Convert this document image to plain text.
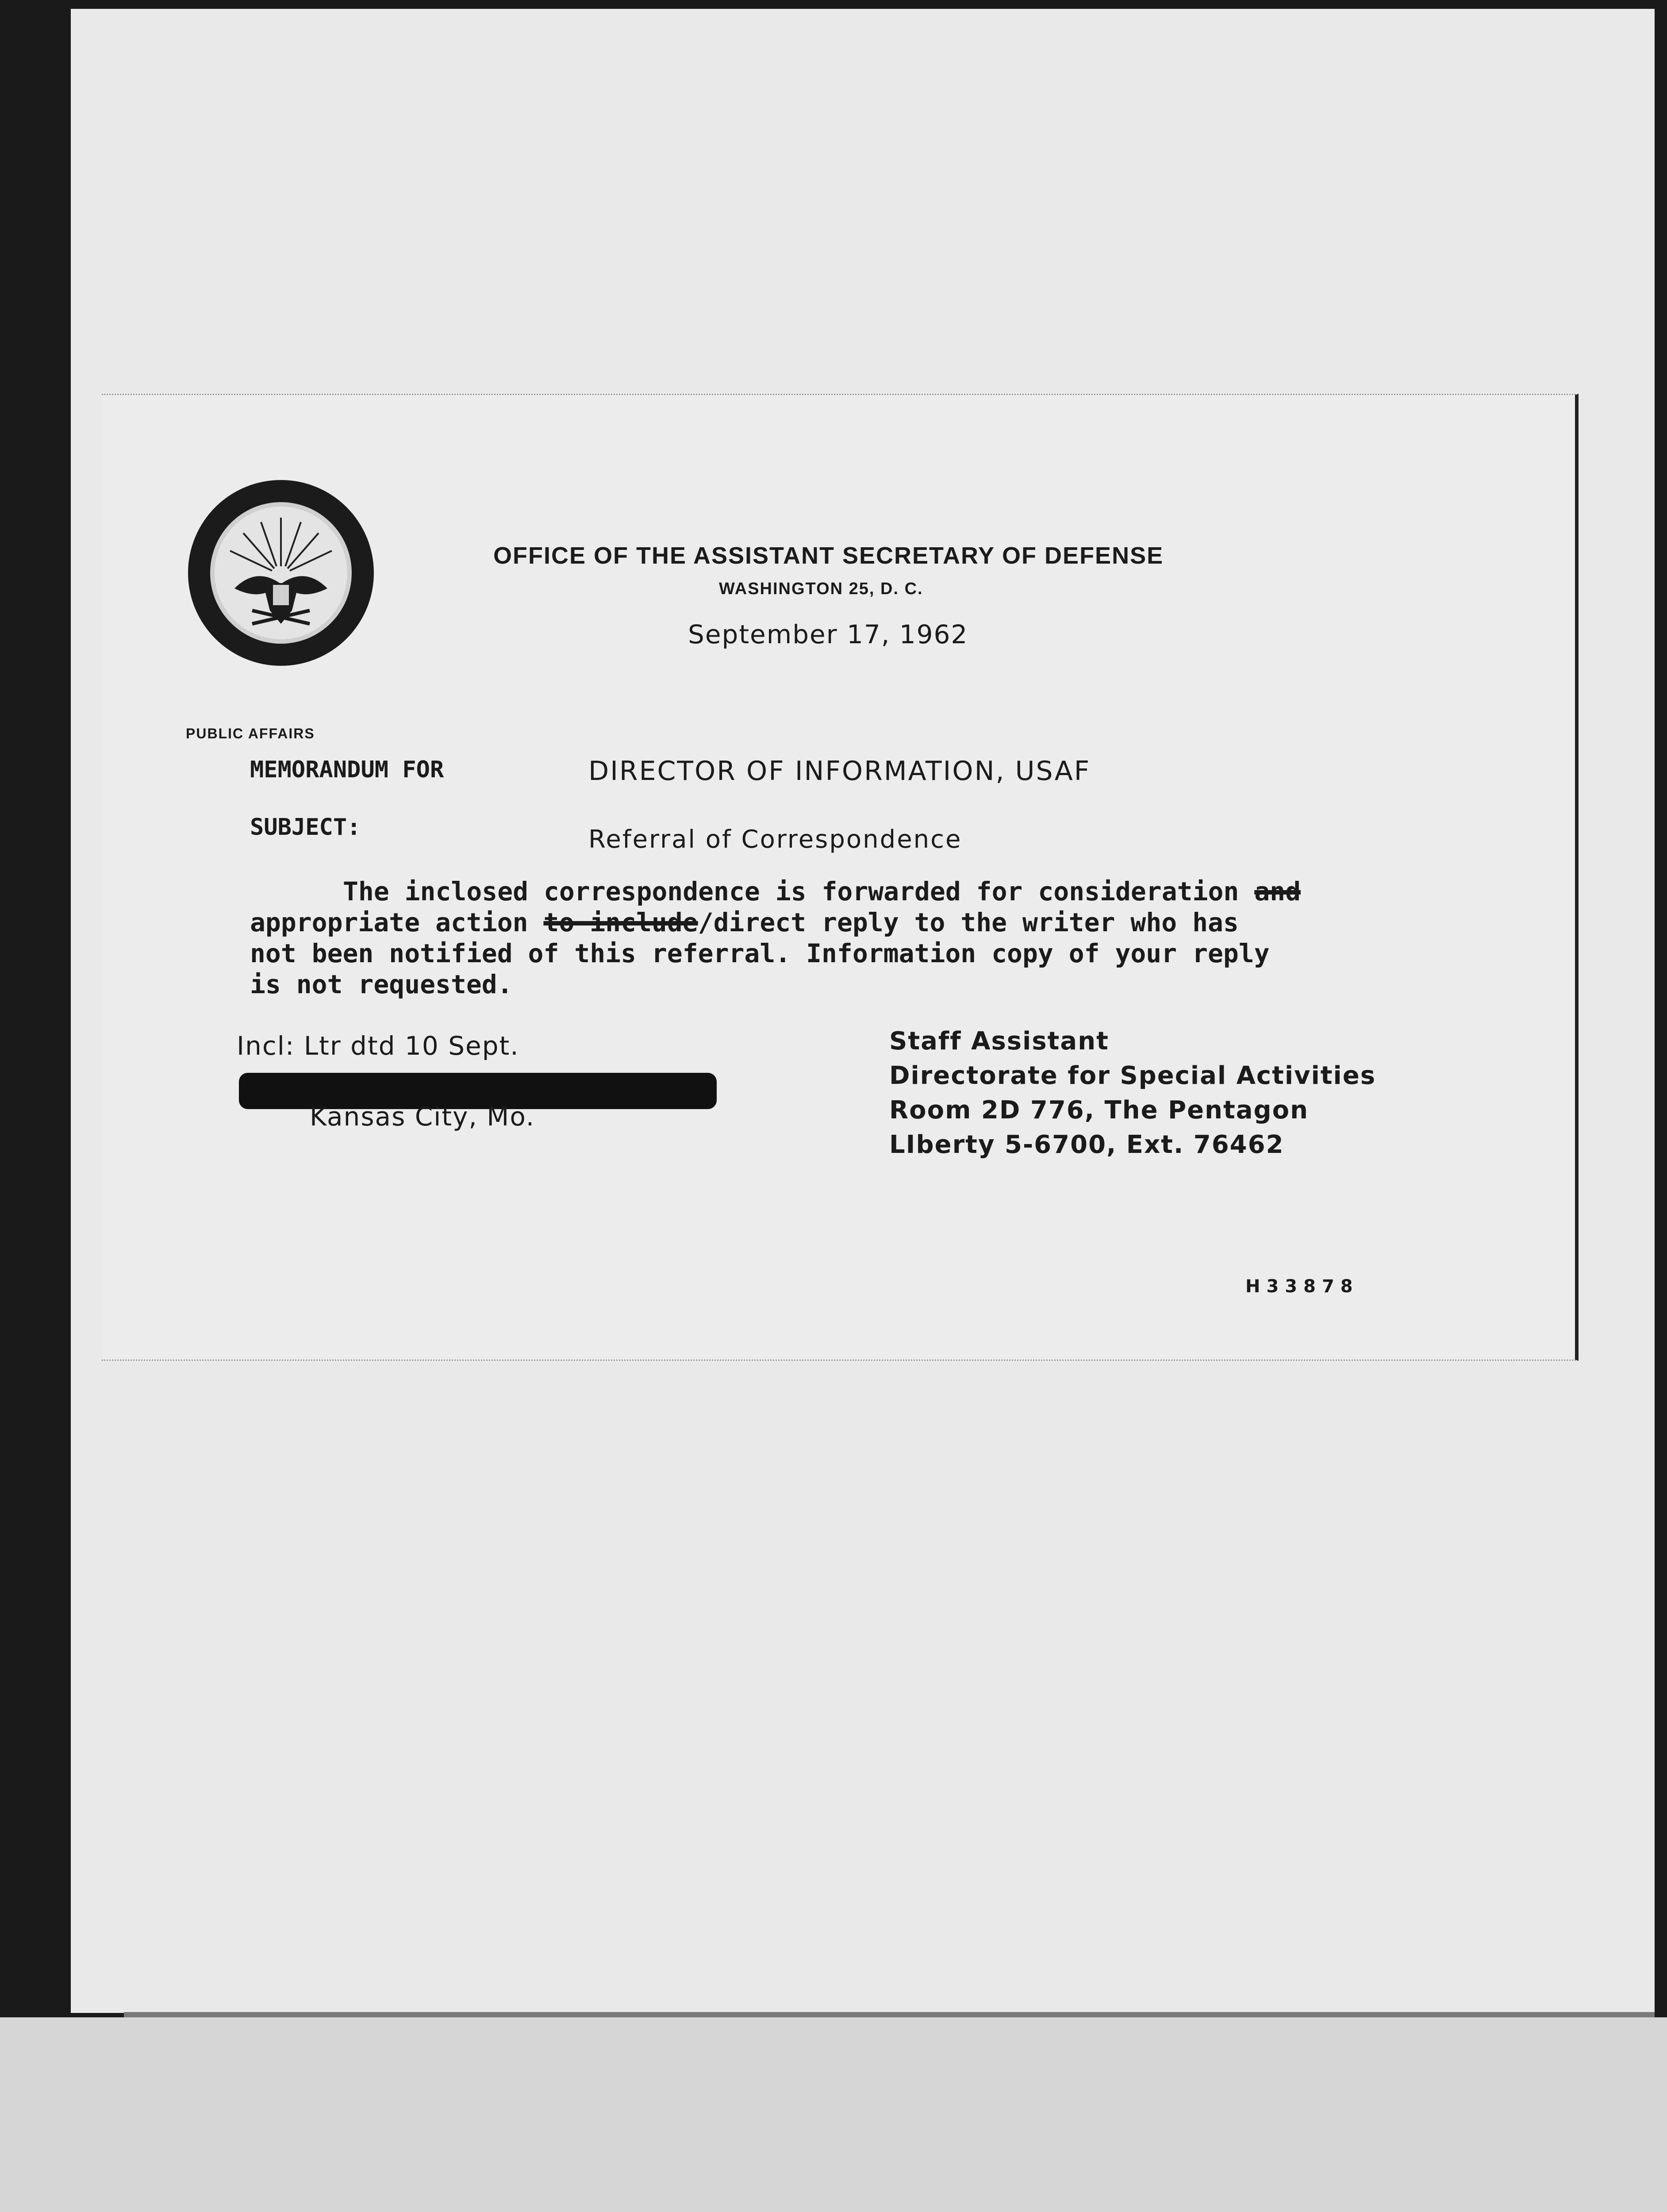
OFFICE OF THE ASSISTANT SECRETARY OF DEFENSE
WASHINGTON 25, D. C.
September 17, 1962
PUBLIC AFFAIRS
MEMORANDUM FOR	DIRECTOR OF INFORMATION, USAF
SUBJECT:	Referral of Correspondence
The inclosed correspondence is forwarded for consideration and
appropriate action to include/direct reply to the writer who has
not been notified of this referral. Information copy of your reply
is not requested.
Incl: Ltr dtd 10 Sept.
Kansas City, Mo.
Staff Assistant
Directorate for Special Activities
Room 2D 776, The Pentagon
LIberty 5-6700, Ext. 76462
H33878
